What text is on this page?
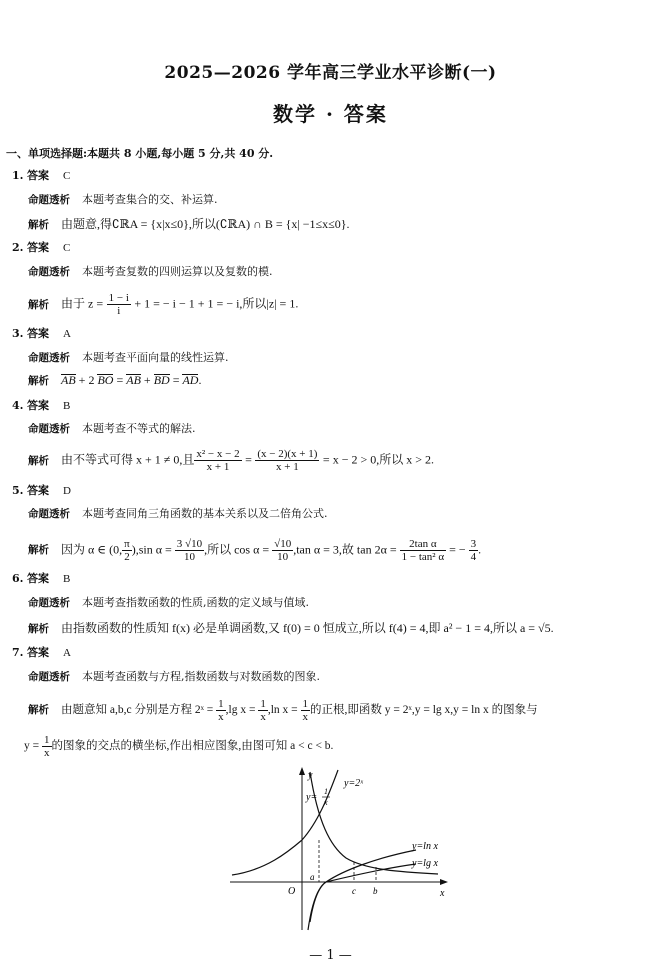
2025—2026 学年高三学业水平诊断(一)
数学 · 答案
一、单项选择题:本题共 8 小题,每小题 5 分,共 40 分.
1. 答案 C
命题透析 本题考查集合的交、补运算.
解析 由题意,得∁ℝA = {x|x≤0},所以(∁ℝA) ∩ B = {x| −1≤x≤0}.
2. 答案 C
命题透析 本题考查复数的四则运算以及复数的模.
解析 由于 $z = \frac{1 - i}{i} + 1$ = − i − 1 + 1 = − i,所以|z| = 1.
3. 答案 A
命题透析 本题考查平面向量的线性运算.
解析 AB + 2 BO = AB + BD = AD.
4. 答案 B
命题透析 本题考查不等式的解法.
解析 由不等式可得 x + 1 ≠ 0,且 $\frac{\text{x² − x − 2}}{x + 1} = \frac{(x - 2)(x + 1)}{x + 1} = x - 2 > 0$,所以 x > 2.
5. 答案 D
命题透析 本题考查同角三角函数的基本关系以及二倍角公式.
解析 因为 α ∈ (0, $\frac{\pi}{2} ),\sin$ $\alpha = \frac{3 √10}{10}$ ,所以 $\cos \alpha = \frac{√10}{10} ,\tan$ α = 3,故 $\tan 2\alpha = \frac{\text{2tan α}}{\text{1 − tan² α}}$ = − $\frac{3}{4}$ .
6. 答案 B
命题透析 本题考查指数函数的性质,函数的定义域与值域.
解析 由指数函数的性质知 f(x) 必是单调函数,又 f(0) = 0 恒成立,所以 f(4) = 4,即 a² − 1 = 4,所以 a = √5.
7. 答案 A
命题透析 本题考查函数与方程,指数函数与对数函数的图象.
解析 由题意知 a,b,c 分别是方程 2ˣ = $\frac{1}{x} ,\lg$ $x = \frac{1}{x} ,\ln$ $x = \frac{1}{x}$ 的正根,即函数 y = 2ˣ,y = lg x,y = ln x 的图象与
$y = \frac{1}{x}$ 的图象的交点的横坐标,作出相应图象,由图可知 a < c < b.
y
x
O
y=2ˣ
y=
1
x
y=ln x
y=lg x
a
c b
— 1 —
